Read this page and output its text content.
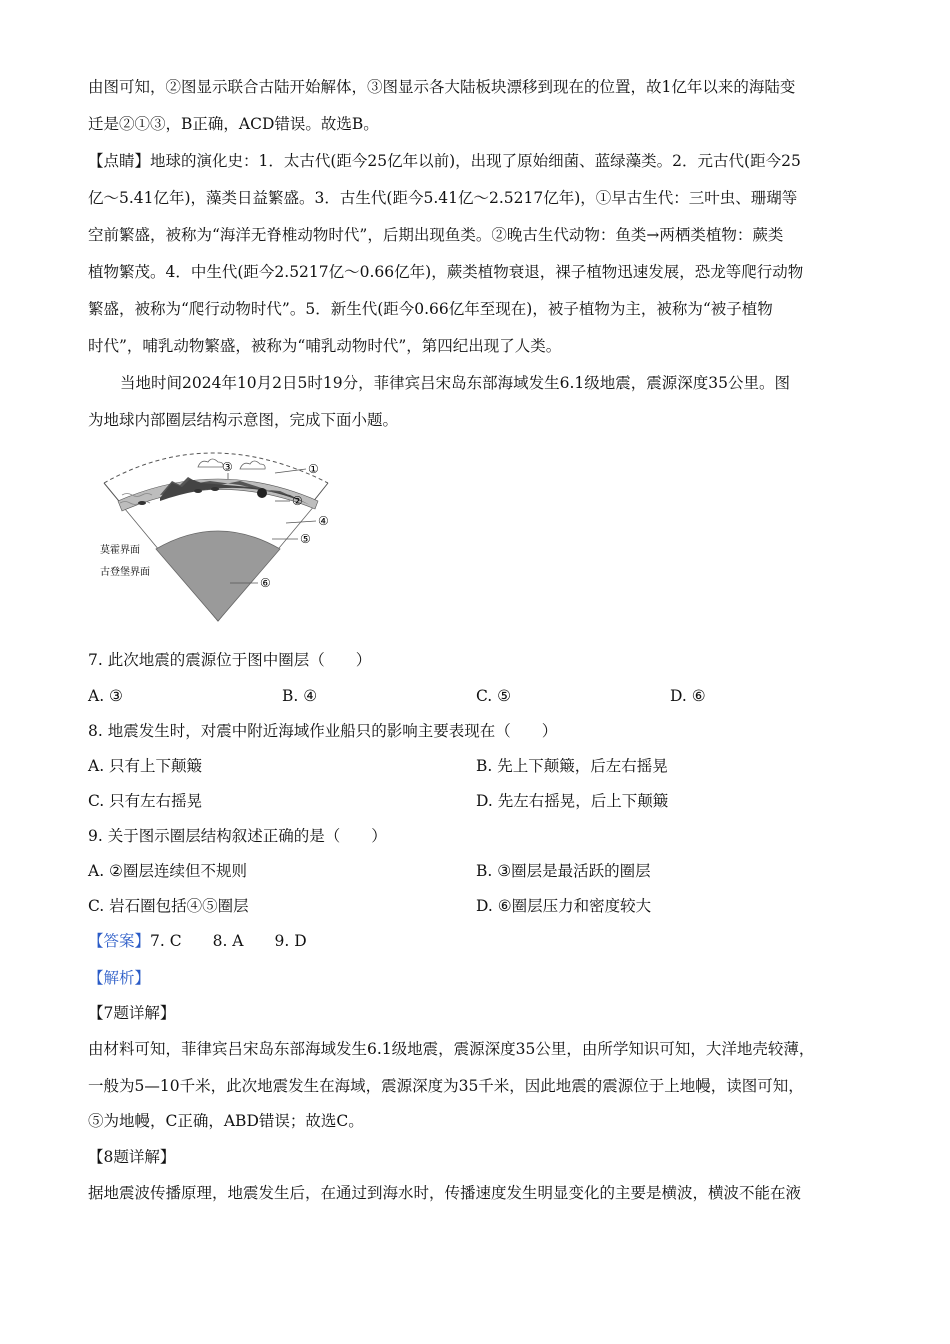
由图可知，②图显示联合古陆开始解体，③图显示各大陆板块漂移到现在的位置，故1亿年以来的海陆变
迁是②①③，B正确，ACD错误。故选B。
【点睛】地球的演化史：1．太古代(距今25亿年以前)，出现了原始细菌、蓝绿藻类。2．元古代(距今25
亿～5.41亿年)，藻类日益繁盛。3．古生代(距今5.41亿～2.5217亿年)，①早古生代：三叶虫、珊瑚等
空前繁盛，被称为“海洋无脊椎动物时代”，后期出现鱼类。②晚古生代动物：鱼类→两栖类植物：蕨类
植物繁茂。4．中生代(距今2.5217亿～0.66亿年)，蕨类植物衰退，裸子植物迅速发展，恐龙等爬行动物
繁盛，被称为“爬行动物时代”。5．新生代(距今0.66亿年至现在)，被子植物为主，被称为“被子植物
时代”，哺乳动物繁盛，被称为“哺乳动物时代”，第四纪出现了人类。
当地时间2024年10月2日5时19分，菲律宾吕宋岛东部海域发生6.1级地震，震源深度35公里。图
为地球内部圈层结构示意图，完成下面小题。
①
②
③
④
⑤
⑥
莫霍界面
古登堡界面
7. 此次地震的震源位于图中圈层（　　）
A. ③	B. ④	C. ⑤	D. ⑥
8. 地震发生时，对震中附近海域作业船只的影响主要表现在（　　）
A. 只有上下颠簸	B. 先上下颠簸，后左右摇晃
C. 只有左右摇晃	D. 先左右摇晃，后上下颠簸
9. 关于图示圈层结构叙述正确的是（　　）
A. ②圈层连续但不规则	B. ③圈层是最活跃的圈层
C. 岩石圈包括④⑤圈层	D. ⑥圈层压力和密度较大
【答案】7. C　　8. A　　9. D
【解析】
【7题详解】
由材料可知，菲律宾吕宋岛东部海域发生6.1级地震，震源深度35公里，由所学知识可知，大洋地壳较薄，
一般为5—10千米，此次地震发生在海域，震源深度为35千米，因此地震的震源位于上地幔，读图可知，
⑤为地幔，C正确，ABD错误；故选C。
【8题详解】
据地震波传播原理，地震发生后，在通过到海水时，传播速度发生明显变化的主要是横波，横波不能在液
